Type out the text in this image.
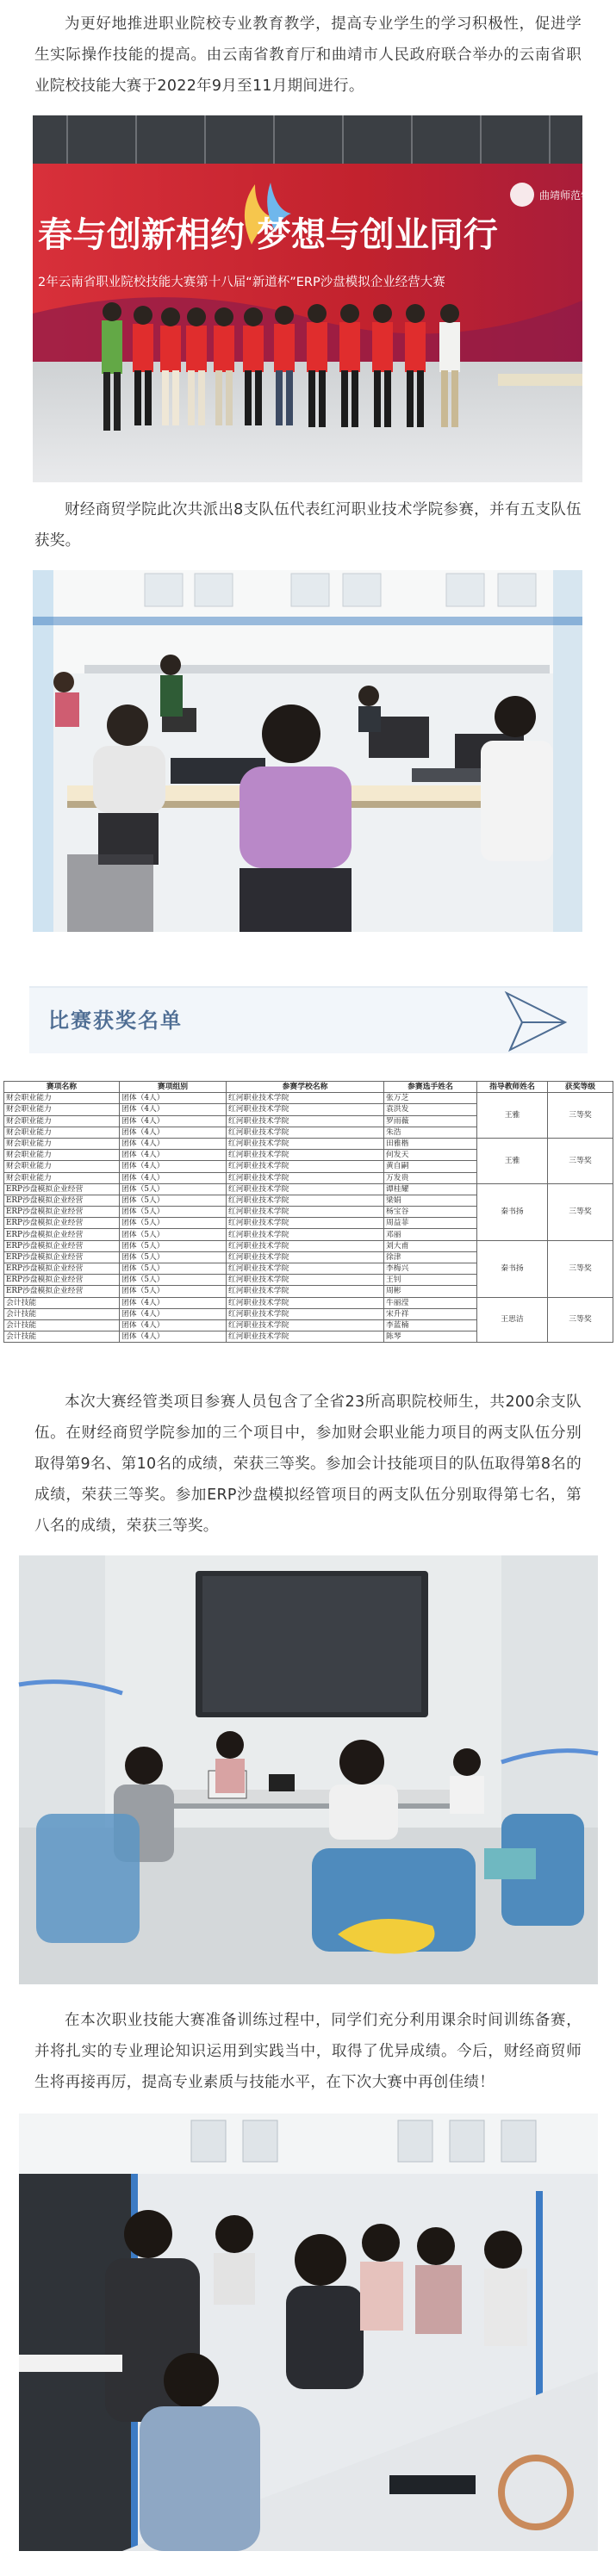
为更好地推进职业院校专业教育教学，提高专业学生的学习积极性，促进学生实际操作技能的提高。由云南省教育厅和曲靖市人民政府联合举办的云南省职业院校技能大赛于2022年9月至11月期间进行。

春与创新相约 梦想与创业同行
2年云南省职业院校技能大赛第十八届“新道杯”ERP沙盘模拟企业经营大赛
曲靖师范学院

财经商贸学院此次共派出8支队伍代表红河职业技术学院参赛，并有五支队伍获奖。

比赛获奖名单
赛项名称	赛项组别	参赛学校名称	参赛选手姓名	指导教师姓名	获奖等级
财会职业能力	团体（4人）	红河职业技术学院	张万芝	王雅	三等奖
财会职业能力	团体（4人）	红河职业技术学院	袁洪发		
财会职业能力	团体（4人）	红河职业技术学院	罗雨薇		
财会职业能力	团体（4人）	红河职业技术学院	朱浩		
财会职业能力	团体（4人）	红河职业技术学院	田雅楷	王雅	三等奖
财会职业能力	团体（4人）	红河职业技术学院	何发天		
财会职业能力	团体（4人）	红河职业技术学院	黄自嗣		
财会职业能力	团体（4人）	红河职业技术学院	万发贵		
ERP沙盘模拟企业经营	团体（5人）	红河职业技术学院	谭桂耀	秦书扬	三等奖
ERP沙盘模拟企业经营	团体（5人）	红河职业技术学院	梁娟		
ERP沙盘模拟企业经营	团体（5人）	红河职业技术学院	杨宝谷		
ERP沙盘模拟企业经营	团体（5人）	红河职业技术学院	周益菲		
ERP沙盘模拟企业经营	团体（5人）	红河职业技术学院	邓丽		
ERP沙盘模拟企业经营	团体（5人）	红河职业技术学院	刘大甫	秦书扬	三等奖
ERP沙盘模拟企业经营	团体（5人）	红河职业技术学院	徐津		
ERP沙盘模拟企业经营	团体（5人）	红河职业技术学院	李梅兴		
ERP沙盘模拟企业经营	团体（5人）	红河职业技术学院	王钊		
ERP沙盘模拟企业经营	团体（5人）	红河职业技术学院	周彬		
会计技能	团体（4人）	红河职业技术学院	牛丽滢	王思洁	三等奖
会计技能	团体（4人）	红河职业技术学院	宋升祥		
会计技能	团体（4人）	红河职业技术学院	李蓝楠		
会计技能	团体（4人）	红河职业技术学院	陈琴		

本次大赛经管类项目参赛人员包含了全省23所高职院校师生，共200余支队伍。在财经商贸学院参加的三个项目中，参加财会职业能力项目的两支队伍分别取得第9名、第10名的成绩，荣获三等奖。参加会计技能项目的队伍取得第8名的成绩，荣获三等奖。参加ERP沙盘模拟经管项目的两支队伍分别取得第七名，第八名的成绩，荣获三等奖。

在本次职业技能大赛准备训练过程中，同学们充分利用课余时间训练备赛，并将扎实的专业理论知识运用到实践当中，取得了优异成绩。今后，财经商贸师生将再接再厉，提高专业素质与技能水平，在下次大赛中再创佳绩！
